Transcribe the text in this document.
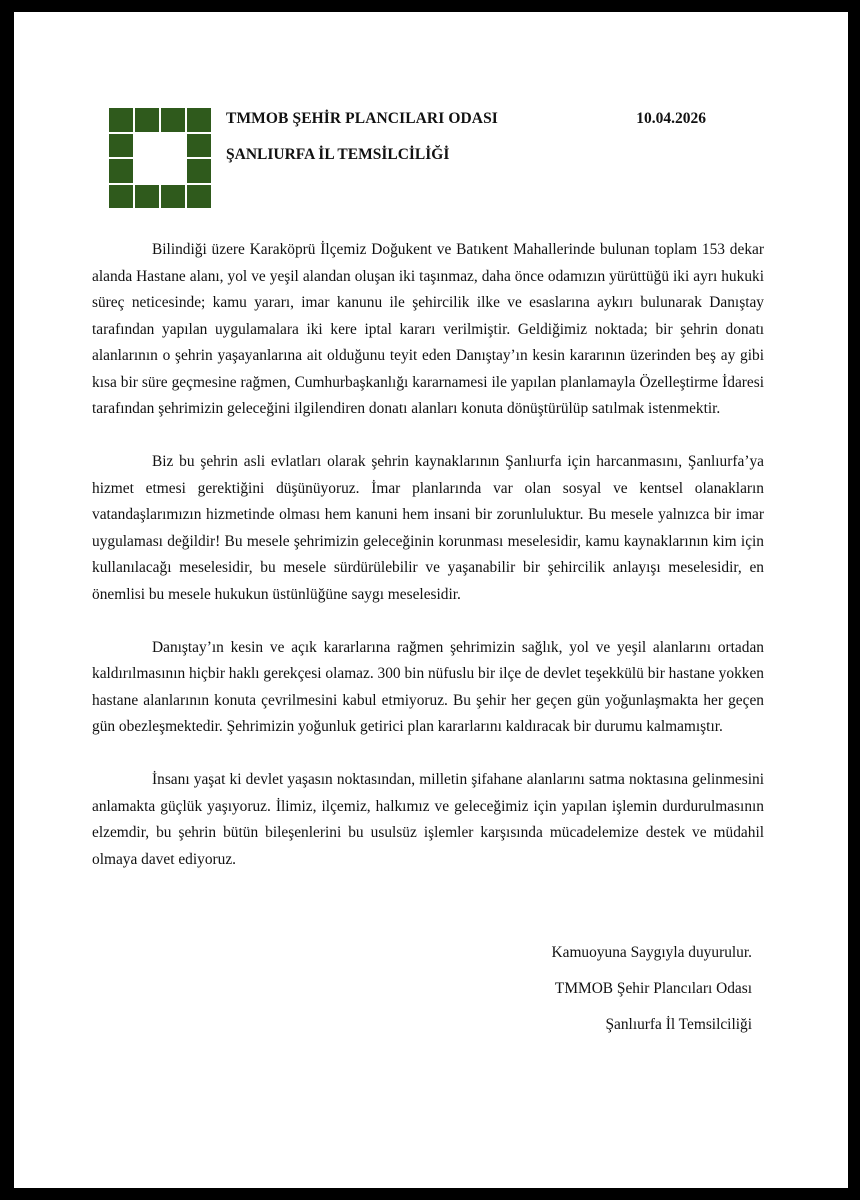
TMMOB ŞEHİR PLANCILARI ODASI	10.04.2026
ŞANLIURFA İL TEMSİLCİLİĞİ

Bilindiği üzere Karaköprü İlçemiz Doğukent ve Batıkent Mahallerinde bulunan toplam 153 dekar alanda Hastane alanı, yol ve yeşil alandan oluşan iki taşınmaz, daha önce odamızın yürüttüğü iki ayrı hukuki süreç neticesinde; kamu yararı, imar kanunu ile şehircilik ilke ve esaslarına aykırı bulunarak Danıştay tarafından yapılan uygulamalara iki kere iptal kararı verilmiştir. Geldiğimiz noktada; bir şehrin donatı alanlarının o şehrin yaşayanlarına ait olduğunu teyit eden Danıştay’ın kesin kararının üzerinden beş ay gibi kısa bir süre geçmesine rağmen, Cumhurbaşkanlığı kararnamesi ile yapılan planlamayla Özelleştirme İdaresi tarafından şehrimizin geleceğini ilgilendiren donatı alanları konuta dönüştürülüp satılmak istenmektir.

Biz bu şehrin asli evlatları olarak şehrin kaynaklarının Şanlıurfa için harcanmasını, Şanlıurfa’ya hizmet etmesi gerektiğini düşünüyoruz. İmar planlarında var olan sosyal ve kentsel olanakların vatandaşlarımızın hizmetinde olması hem kanuni hem insani bir zorunluluktur. Bu mesele yalnızca bir imar uygulaması değildir! Bu mesele şehrimizin geleceğinin korunması meselesidir, kamu kaynaklarının kim için kullanılacağı meselesidir, bu mesele sürdürülebilir ve yaşanabilir bir şehircilik anlayışı meselesidir, en önemlisi bu mesele hukukun üstünlüğüne saygı meselesidir.

Danıştay’ın kesin ve açık kararlarına rağmen şehrimizin sağlık, yol ve yeşil alanlarını ortadan kaldırılmasının hiçbir haklı gerekçesi olamaz. 300 bin nüfuslu bir ilçe de devlet teşekkülü bir hastane yokken hastane alanlarının konuta çevrilmesini kabul etmiyoruz. Bu şehir her geçen gün yoğunlaşmakta her geçen gün obezleşmektedir. Şehrimizin yoğunluk getirici plan kararlarını kaldıracak bir durumu kalmamıştır.

İnsanı yaşat ki devlet yaşasın noktasından, milletin şifahane alanlarını satma noktasına gelinmesini anlamakta güçlük yaşıyoruz. İlimiz, ilçemiz, halkımız ve geleceğimiz için yapılan işlemin durdurulmasının elzemdir, bu şehrin bütün bileşenlerini bu usulsüz işlemler karşısında mücadelemize destek ve müdahil olmaya davet ediyoruz.

Kamuoyuna Saygıyla duyurulur.
TMMOB Şehir Plancıları Odası
Şanlıurfa İl Temsilciliği
